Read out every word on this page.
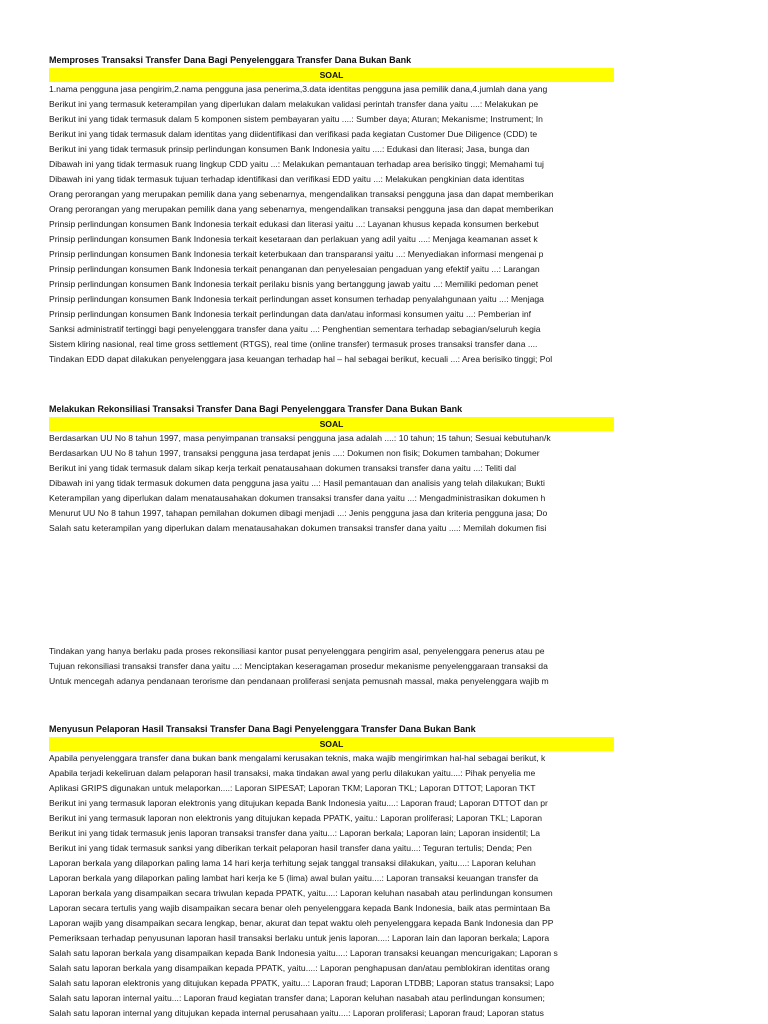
Memproses Transaksi Transfer Dana Bagi Penyelenggara Transfer Dana Bukan Bank
SOAL
1.nama pengguna jasa pengirim,2.nama pengguna jasa penerima,3.data identitas pengguna jasa pemilik dana,4.jumlah dana yang
Berikut ini yang termasuk keterampilan yang diperlukan dalam melakukan validasi perintah transfer dana yaitu ....: Melakukan pe
Berikut ini yang tidak termasuk dalam 5 komponen sistem pembayaran yaitu ....: Sumber daya; Aturan; Mekanisme; Instrument; In
Berikut ini yang tidak termasuk dalam identitas yang diidentifikasi dan verifikasi pada kegiatan Customer Due Diligence (CDD) te
Berikut ini yang tidak termasuk prinsip perlindungan konsumen Bank Indonesia yaitu ....: Edukasi dan literasi; Jasa, bunga dan
Dibawah ini yang tidak termasuk ruang lingkup CDD yaitu ...: Melakukan pemantauan terhadap area berisiko tinggi; Memahami tuj
Dibawah ini yang tidak termasuk tujuan terhadap identifikasi dan verifikasi EDD yaitu ...: Melakukan pengkinian data identitas
Orang perorangan yang merupakan pemilik dana yang sebenarnya, mengendalikan transaksi pengguna jasa dan dapat memberikan
Orang perorangan yang merupakan pemilik dana yang sebenarnya, mengendalikan transaksi pengguna jasa dan dapat memberikan
Prinsip perlindungan konsumen Bank Indonesia terkait edukasi dan literasi yaitu ...: Layanan khusus kepada konsumen berkebut
Prinsip perlindungan konsumen Bank Indonesia terkait kesetaraan dan perlakuan yang adil yaitu ....: Menjaga keamanan asset k
Prinsip perlindungan konsumen Bank Indonesia terkait keterbukaan dan transparansi yaitu ...: Menyediakan informasi mengenai p
Prinsip perlindungan konsumen Bank Indonesia terkait penanganan dan penyelesaian pengaduan yang efektif yaitu ...: Larangan
Prinsip perlindungan konsumen Bank Indonesia terkait perilaku bisnis yang bertanggung jawab yaitu ...: Memiliki pedoman penet
Prinsip perlindungan konsumen Bank Indonesia terkait perlindungan asset konsumen terhadap penyalahgunaan yaitu ...: Menjaga
Prinsip perlindungan konsumen Bank Indonesia terkait perlindungan data dan/atau informasi konsumen yaitu ...: Pemberian inf
Sanksi administratif tertinggi bagi penyelenggara transfer dana yaitu ...: Penghentian sementara terhadap sebagian/seluruh kegia
Sistem kliring nasional, real time gross settlement (RTGS), real time (online transfer) termasuk proses transaksi transfer dana ....
Tindakan EDD dapat dilakukan penyelenggara jasa keuangan terhadap hal – hal sebagai berikut, kecuali ...: Area berisiko tinggi; Pol
Melakukan Rekonsiliasi Transaksi Transfer Dana Bagi Penyelenggara Transfer Dana Bukan Bank
SOAL
Berdasarkan UU No 8 tahun 1997, masa penyimpanan transaksi pengguna jasa adalah ....: 10 tahun; 15 tahun; Sesuai kebutuhan/k
Berdasarkan UU No 8 tahun 1997, transaksi pengguna jasa terdapat jenis ....: Dokumen non fisik; Dokumen tambahan; Dokumer
Berikut ini yang tidak termasuk dalam sikap kerja terkait penatausahaan dokumen transaksi transfer dana yaitu ...: Teliti dal
Dibawah ini yang tidak termasuk dokumen data pengguna jasa yaitu ...: Hasil pemantauan dan analisis yang telah dilakukan; Bukti
Keterampilan yang diperlukan dalam menatausahakan dokumen transaksi transfer dana yaitu ...: Mengadministrasikan dokumen h
Menurut UU No 8 tahun 1997, tahapan pemilahan dokumen dibagi menjadi ...: Jenis pengguna jasa dan kriteria pengguna jasa; Do
Salah satu keterampilan yang diperlukan dalam menatausahakan dokumen transaksi transfer dana yaitu ....: Memilah dokumen fisi
Tindakan yang hanya berlaku pada proses rekonsiliasi kantor pusat penyelenggara pengirim asal, penyelenggara penerus atau pe
Tujuan rekonsiliasi transaksi transfer dana yaitu ...: Menciptakan keseragaman prosedur mekanisme penyelenggaraan transaksi da
Untuk mencegah adanya pendanaan terorisme dan pendanaan proliferasi senjata pemusnah massal, maka penyelenggara wajib m
Menyusun Pelaporan Hasil Transaksi Transfer Dana Bagi Penyelenggara Transfer Dana Bukan Bank
SOAL
Apabila penyelenggara transfer dana bukan bank mengalami kerusakan teknis, maka wajib mengirimkan hal-hal sebagai berikut, k
Apabila terjadi kekeliruan dalam pelaporan hasil transaksi, maka tindakan awal yang perlu dilakukan yaitu....: Pihak penyelia me
Aplikasi GRIPS digunakan untuk melaporkan....: Laporan SIPESAT; Laporan TKM; Laporan TKL; Laporan DTTOT; Laporan TKT
Berikut ini yang termasuk laporan elektronis yang ditujukan kepada Bank Indonesia yaitu....: Laporan fraud; Laporan DTTOT dan pr
Berikut ini yang termasuk laporan non elektronis yang ditujukan kepada PPATK, yaitu.: Laporan proliferasi; Laporan TKL; Laporan
Berikut ini yang tidak termasuk jenis laporan transaksi transfer dana yaitu...: Laporan berkala; Laporan lain; Laporan insidentil; La
Berikut ini yang tidak termasuk sanksi yang diberikan terkait pelaporan hasil transfer dana yaitu...: Teguran tertulis; Denda; Pen
Laporan berkala yang dilaporkan paling lama 14 hari kerja terhitung sejak tanggal transaksi dilakukan, yaitu....: Laporan keluhan
Laporan berkala yang dilaporkan paling lambat hari kerja ke 5 (lima) awal bulan yaitu....: Laporan transaksi keuangan transfer da
Laporan berkala yang disampaikan secara triwulan kepada PPATK, yaitu....: Laporan keluhan nasabah atau perlindungan konsumen
Laporan secara tertulis yang wajib disampaikan secara benar oleh penyelenggara kepada Bank Indonesia, baik atas permintaan Ba
Laporan wajib yang disampaikan secara lengkap, benar, akurat dan tepat waktu oleh penyelenggara kepada Bank Indonesia dan PP
Pemeriksaan terhadap penyusunan laporan hasil transaksi berlaku untuk jenis laporan....: Laporan lain dan laporan berkala; Lapora
Salah satu laporan berkala yang disampaikan kepada Bank Indonesia yaitu....: Laporan transaksi keuangan mencurigakan; Laporan s
Salah satu laporan berkala yang disampaikan kepada PPATK, yaitu....: Laporan penghapusan dan/atau pemblokiran identitas orang
Salah satu laporan elektronis yang ditujukan kepada PPATK, yaitu...: Laporan fraud; Laporan LTDBB; Laporan status transaksi; Lapo
Salah satu laporan internal yaitu...: Laporan fraud kegiatan transfer dana; Laporan keluhan nasabah atau perlindungan konsumen;
Salah satu laporan internal yang ditujukan kepada internal perusahaan yaitu....: Laporan proliferasi; Laporan fraud; Laporan status
